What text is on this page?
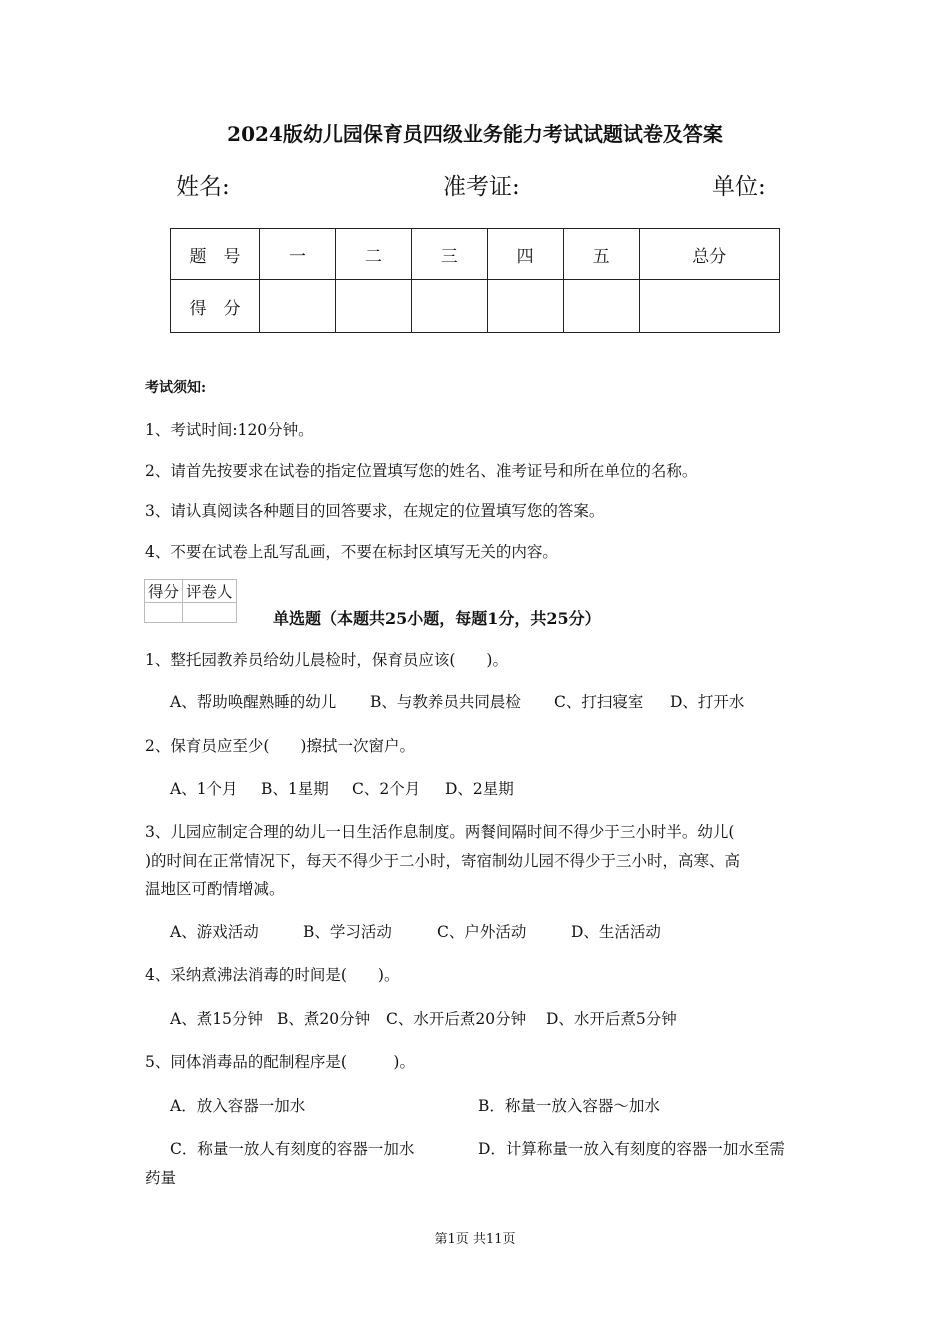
2024版幼儿园保育员四级业务能力考试试题试卷及答案
姓名:	准考证:	单位:
题　号	一	二	三	四	五	总分
得　分						
考试须知:
1、考试时间:120分钟。
2、请首先按要求在试卷的指定位置填写您的姓名、准考证号和所在单位的名称。
3、请认真阅读各种题目的回答要求，在规定的位置填写您的答案。
4、不要在试卷上乱写乱画，不要在标封区填写无关的内容。
得分	评卷人

单选题（本题共25小题，每题1分，共25分）
1、整托园教养员给幼儿晨检时，保育员应该(　　)。
A、帮助唤醒熟睡的幼儿 B、与教养员共同晨检 C、打扫寝室 D、打开水
2、保育员应至少(　　)擦拭一次窗户。
A、1个月 B、1星期 C、2个月 D、2星期
3、儿园应制定合理的幼儿一日生活作息制度。两餐间隔时间不得少于三小时半。幼儿(
)的时间在正常情况下，每天不得少于二小时，寄宿制幼儿园不得少于三小时，高寒、高
温地区可酌情增减。
A、游戏活动	B、学习活动	C、户外活动	D、生活活动
4、采纳煮沸法消毒的时间是(　　)。
A、煮15分钟 B、煮20分钟 C、水开后煮20分钟 D、水开后煮5分钟
5、同体消毒品的配制程序是(　　　)。
A．放入容器一加水	B．称量一放入容器～加水
C．称量一放人有刻度的容器一加水	D．计算称量一放入有刻度的容器一加水至需
药量
第1页 共11页
